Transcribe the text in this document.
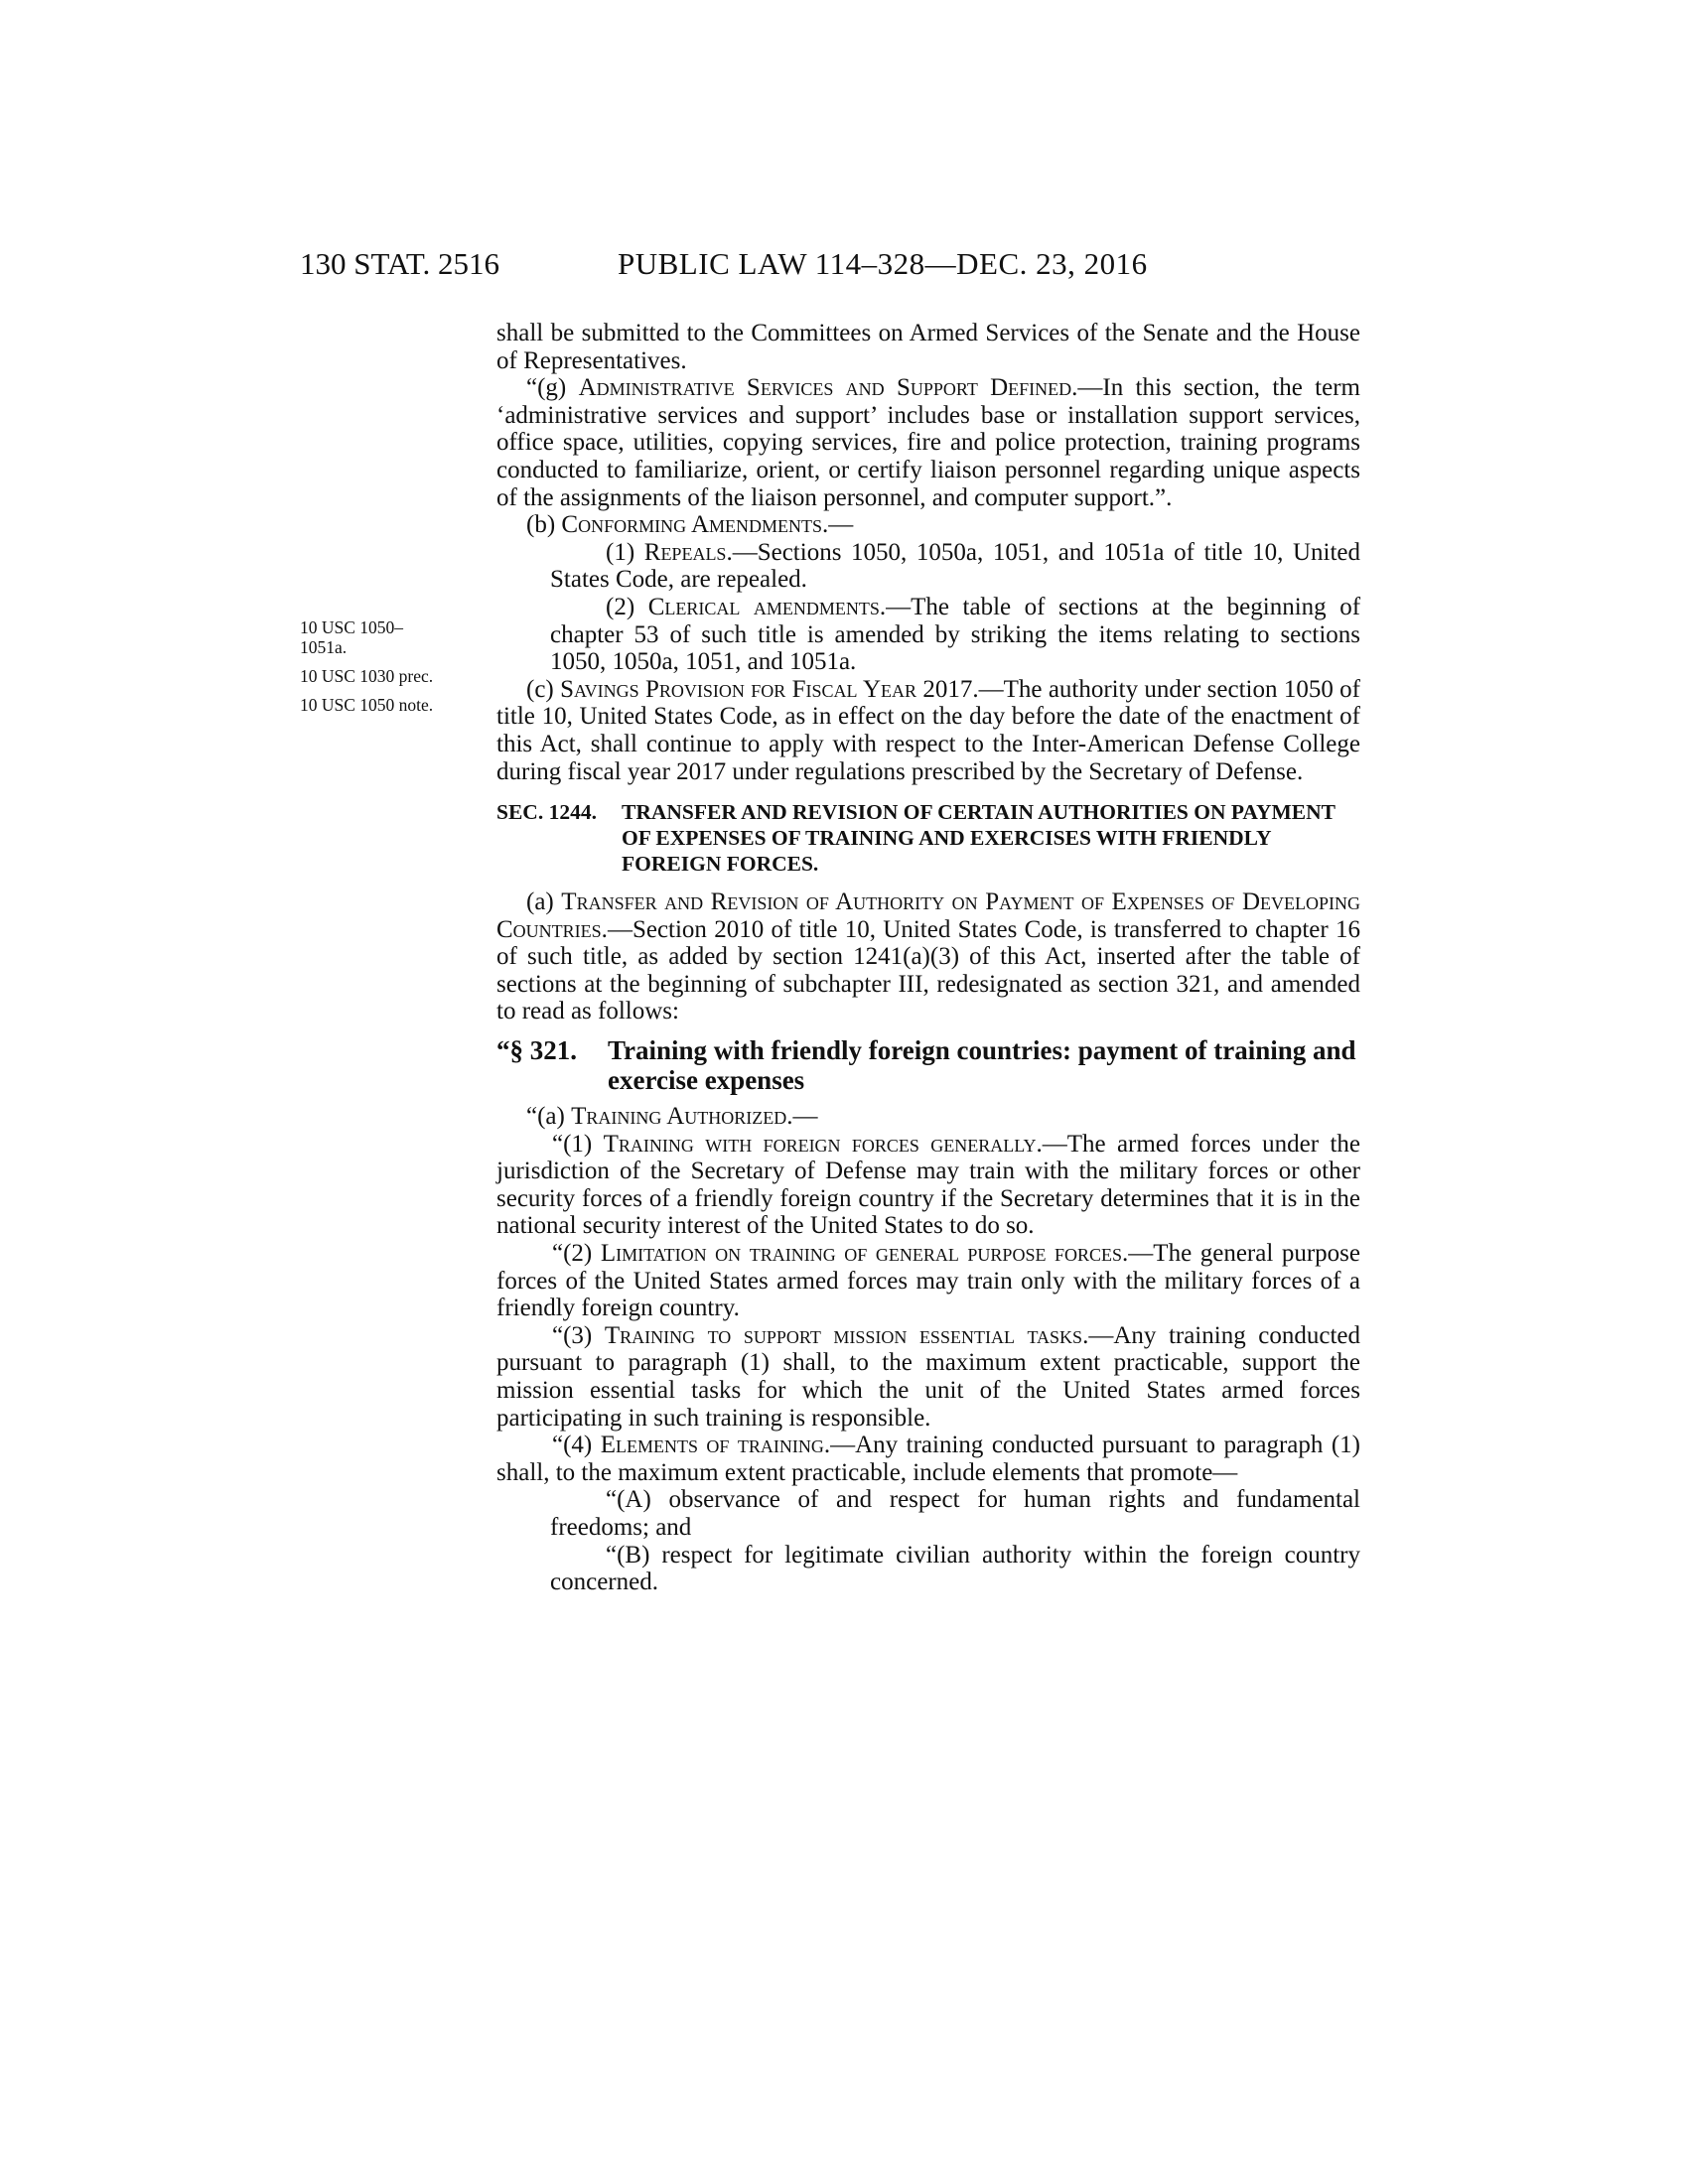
130 STAT. 2516	PUBLIC LAW 114–328—DEC. 23, 2016
10 USC 1050–1051a.
10 USC 1030 prec.
10 USC 1050 note.

shall be submitted to the Committees on Armed Services of the Senate and the House of Representatives.

“(g) Administrative Services and Support Defined.—In this section, the term ‘administrative services and support’ includes base or installation support services, office space, utilities, copying services, fire and police protection, training programs conducted to familiarize, orient, or certify liaison personnel regarding unique aspects of the assignments of the liaison personnel, and computer support.”.

(b) Conforming Amendments.—

(1) Repeals.—Sections 1050, 1050a, 1051, and 1051a of title 10, United States Code, are repealed.

(2) Clerical amendments.—The table of sections at the beginning of chapter 53 of such title is amended by striking the items relating to sections 1050, 1050a, 1051, and 1051a.

(c) Savings Provision for Fiscal Year 2017.—The authority under section 1050 of title 10, United States Code, as in effect on the day before the date of the enactment of this Act, shall continue to apply with respect to the Inter-American Defense College during fiscal year 2017 under regulations prescribed by the Secretary of Defense.

SEC. 1244. TRANSFER AND REVISION OF CERTAIN AUTHORITIES ON PAYMENT OF EXPENSES OF TRAINING AND EXERCISES WITH FRIENDLY FOREIGN FORCES.

(a) Transfer and Revision of Authority on Payment of Expenses of Developing Countries.—Section 2010 of title 10, United States Code, is transferred to chapter 16 of such title, as added by section 1241(a)(3) of this Act, inserted after the table of sections at the beginning of subchapter III, redesignated as section 321, and amended to read as follows:

“§ 321. Training with friendly foreign countries: payment of training and exercise expenses

“(a) Training Authorized.—

“(1) Training with foreign forces generally.—The armed forces under the jurisdiction of the Secretary of Defense may train with the military forces or other security forces of a friendly foreign country if the Secretary determines that it is in the national security interest of the United States to do so.

“(2) Limitation on training of general purpose forces.—The general purpose forces of the United States armed forces may train only with the military forces of a friendly foreign country.

“(3) Training to support mission essential tasks.—Any training conducted pursuant to paragraph (1) shall, to the maximum extent practicable, support the mission essential tasks for which the unit of the United States armed forces participating in such training is responsible.

“(4) Elements of training.—Any training conducted pursuant to paragraph (1) shall, to the maximum extent practicable, include elements that promote—

“(A) observance of and respect for human rights and fundamental freedoms; and

“(B) respect for legitimate civilian authority within the foreign country concerned.
